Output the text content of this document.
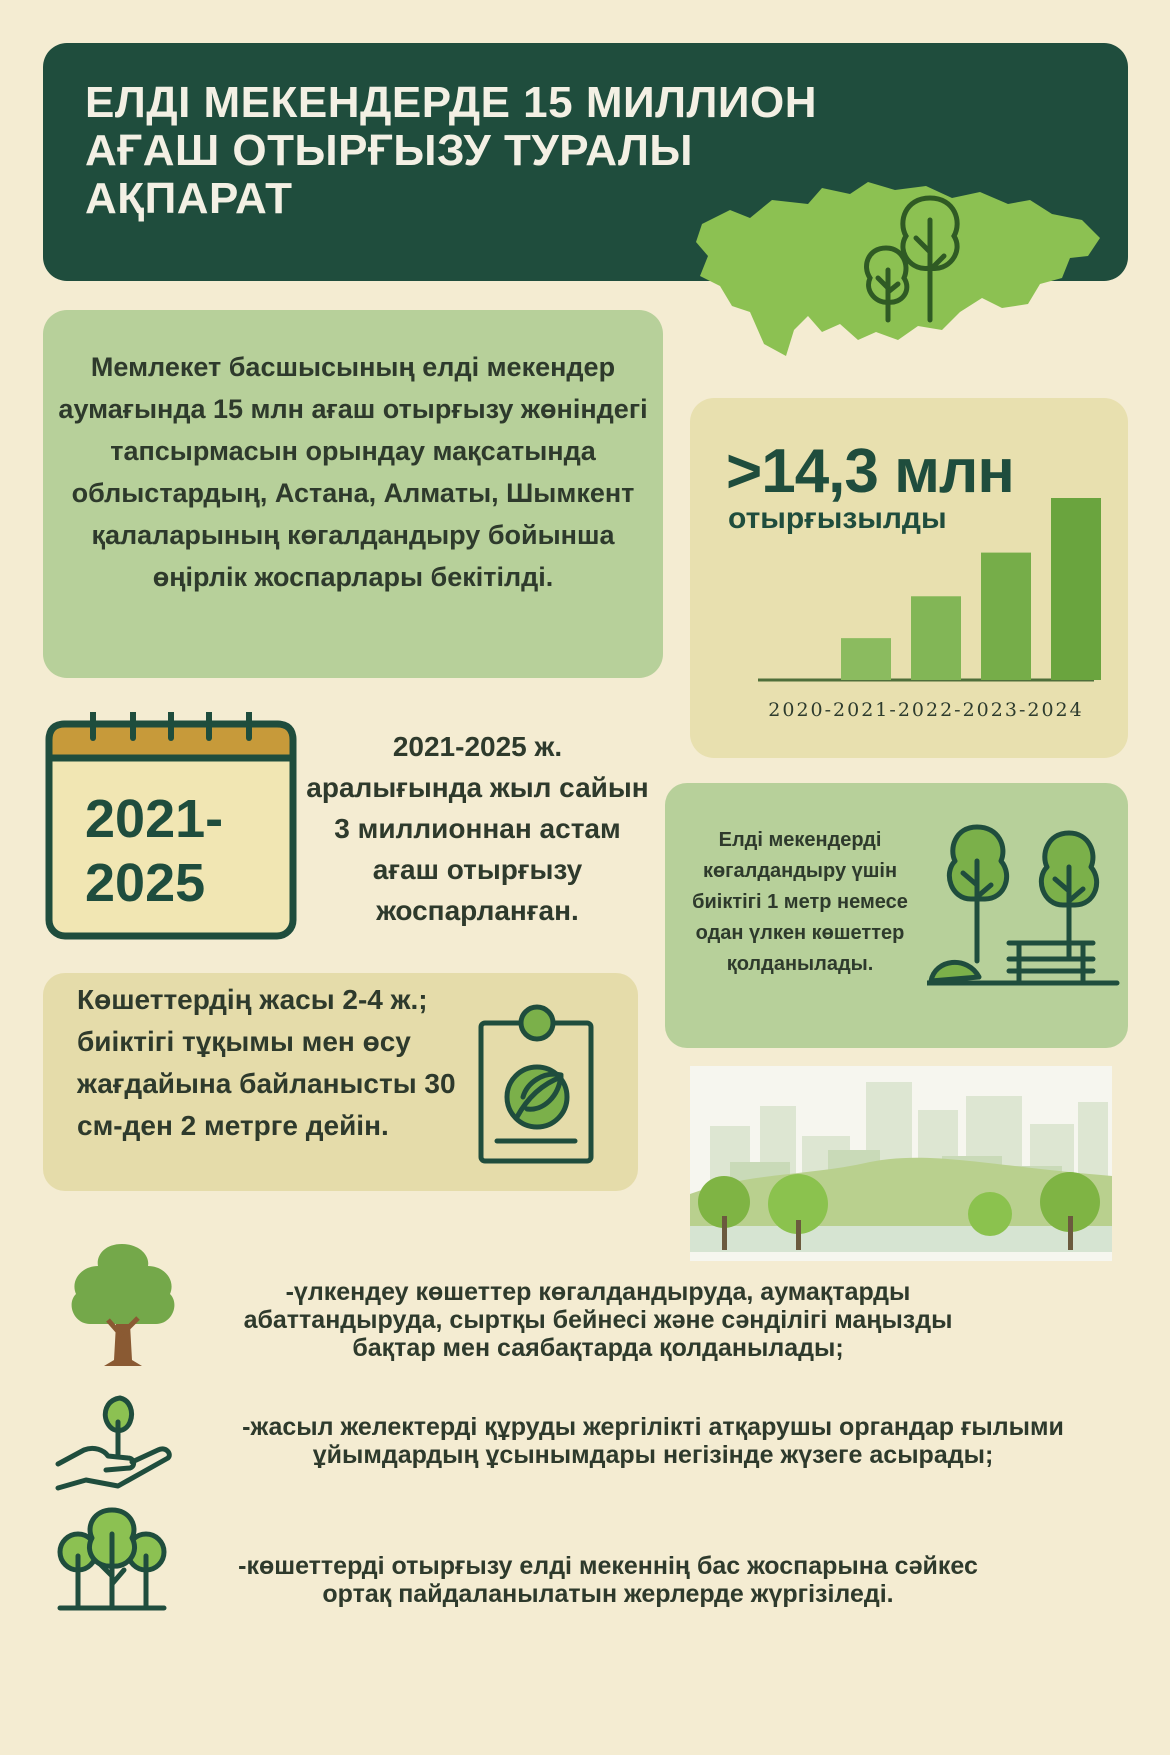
ЕЛДІ МЕКЕНДЕРДЕ 15 МИЛЛИОН АҒАШ ОТЫРҒЫЗУ ТУРАЛЫ АҚПАРАТ

Мемлекет басшысының елді мекендер аумағында 15 млн ағаш отырғызу жөніндегі тапсырмасын орындау мақсатында облыстардың, Астана, Алматы, Шымкент қалаларының көгалдандыру бойынша өңірлік жоспарлары бекітілді.

>14,3 млн
отырғызылды
2020-2021-2022-2023-2024
2021-
2025
2021-2025 ж. аралығында жыл сайын 3 миллионнан астам ағаш отырғызу жоспарланған.

Елді мекендерді көгалдандыру үшін биіктігі 1 метр немесе одан үлкен көшеттер қолданылады.

Көшеттердің жасы 2-4 ж.; биіктігі тұқымы мен өсу жағдайына байланысты 30 см-ден 2 метрге дейін.

-үлкендеу көшеттер көгалдандыруда, аумақтарды абаттандыруда, сыртқы бейнесі және сәнділігі маңызды бақтар мен саябақтарда қолданылады;
-жасыл желектерді құруды жергілікті атқарушы органдар ғылыми ұйымдардың ұсынымдары негізінде жүзеге асырады;
-көшеттерді отырғызу елді мекеннің бас жоспарына сәйкес ортақ пайдаланылатын жерлерде жүргізіледі.
